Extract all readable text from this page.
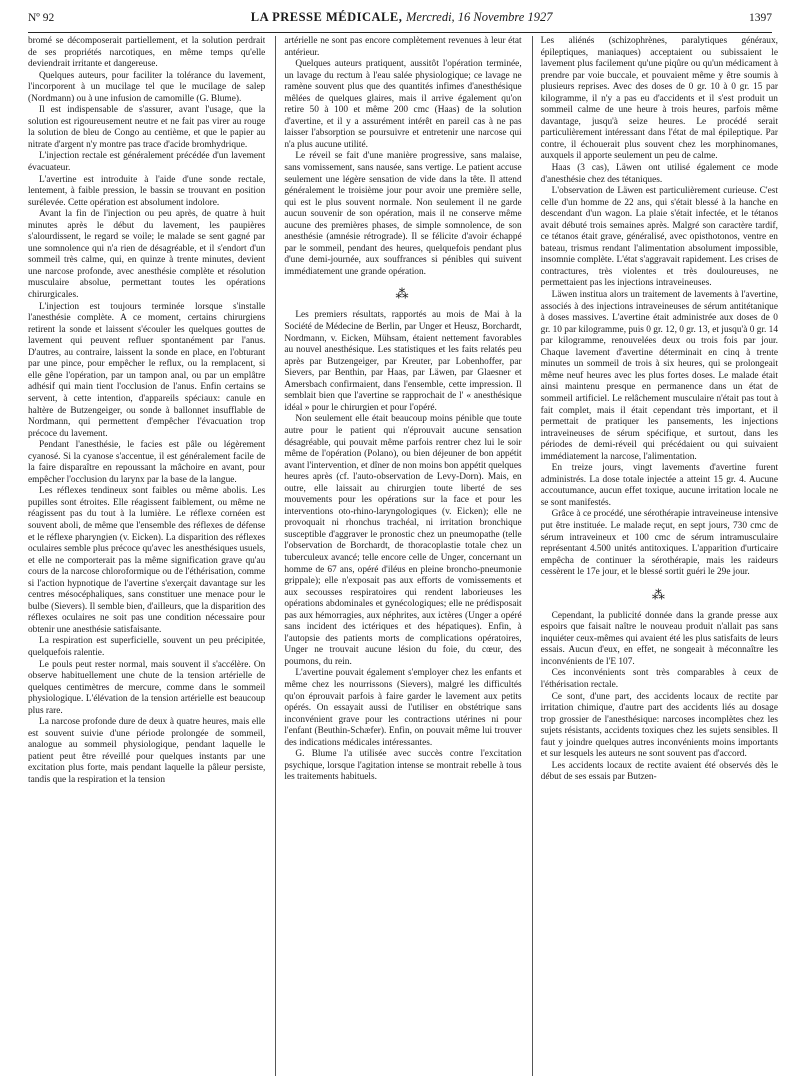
Nº 92	LA PRESSE MÉDICALE, Mercredi, 16 Novembre 1927	1397

bromé se décomposerait partiellement, et la solution perdrait de ses propriétés narcotiques, en même temps qu'elle deviendrait irritante et dangereuse.

Quelques auteurs, pour faciliter la tolérance du lavement, l'incorporent à un mucilage tel que le mucilage de salep (Nordmann) ou à une infusion de camomille (G. Blume).

Il est indispensable de s'assurer, avant l'usage, que la solution est rigoureusement neutre et ne fait pas virer au rouge la solution de bleu de Congo au centième, et que le papier au nitrate d'argent n'y montre pas trace d'acide bromhydrique.

L'injection rectale est généralement précédée d'un lavement évacuateur.

L'avertine est introduite à l'aide d'une sonde rectale, lentement, à faible pression, le bassin se trouvant en position surélevée. Cette opération est absolument indolore.

Avant la fin de l'injection ou peu après, de quatre à huit minutes après le début du lavement, les paupières s'alourdissent, le regard se voile; le malade se sent gagné par une somnolence qui n'a rien de désagréable, et il s'endort d'un sommeil très calme, qui, en quinze à trente minutes, devient une narcose profonde, avec anesthésie complète et résolution musculaire absolue, permettant toutes les opérations chirurgicales.

L'injection est toujours terminée lorsque s'installe l'anesthésie complète. A ce moment, certains chirurgiens retirent la sonde et laissent s'écouler les quelques gouttes de lavement qui peuvent refluer spontanément par l'anus. D'autres, au contraire, laissent la sonde en place, en l'obturant par une pince, pour empêcher le reflux, ou la remplacent, si elle gêne l'opération, par un tampon anal, ou par un emplâtre adhésif qui main tient l'occlusion de l'anus. Enfin certains se servent, à cette intention, d'appareils spéciaux: canule en haltère de Butzengeiger, ou sonde à ballonnet insufflable de Nordmann, qui permettent d'empêcher l'évacuation trop précoce du lavement.

Pendant l'anesthésie, le facies est pâle ou légèrement cyanosé. Si la cyanose s'accentue, il est généralement facile de la faire disparaître en repoussant la mâchoire en avant, pour empêcher l'occlusion du larynx par la base de la langue.

Les réflexes tendineux sont faibles ou même abolis. Les pupilles sont étroites. Elle réagissent faiblement, ou même ne réagissent pas du tout à la lumière. Le réflexe cornéen est souvent aboli, de même que l'ensemble des réflexes de défense et le réflexe pharyngien (v. Eicken). La disparition des réflexes oculaires semble plus précoce qu'avec les anesthésiques usuels, et elle ne comporterait pas la même signification grave qu'au cours de la narcose chloroformique ou de l'éthérisation, comme si l'action hypnotique de l'avertine s'exerçait davantage sur les centres mésocéphaliques, sans constituer une menace pour le bulbe (Sievers). Il semble bien, d'ailleurs, que la disparition des réflexes oculaires ne soit pas une condition nécessaire pour obtenir une anesthésie satisfaisante.

La respiration est superficielle, souvent un peu précipitée, quelquefois ralentie.

Le pouls peut rester normal, mais souvent il s'accélère. On observe habituellement une chute de la tension artérielle de quelques centimètres de mercure, comme dans le sommeil physiologique. L'élévation de la tension artérielle est beaucoup plus rare.

La narcose profonde dure de deux à quatre heures, mais elle est souvent suivie d'une période prolongée de sommeil, analogue au sommeil physiologique, pendant laquelle le patient peut être réveillé pour quelques instants par une excitation plus forte, mais pendant laquelle la pâleur persiste, tandis que la respiration et la tension

artérielle ne sont pas encore complètement revenues à leur état antérieur.

Quelques auteurs pratiquent, aussitôt l'opération terminée, un lavage du rectum à l'eau salée physiologique; ce lavage ne ramène souvent plus que des quantités infimes d'anesthésique mêlées de quelques glaires, mais il arrive également qu'on retire 50 à 100 et même 200 cmc (Haas) de la solution d'avertine, et il y a assurément intérêt en pareil cas à ne pas laisser l'absorption se poursuivre et entretenir une narcose qui n'a plus aucune utilité.

Le réveil se fait d'une manière progressive, sans malaise, sans vomissement, sans nausée, sans vertige. Le patient accuse seulement une légère sensation de vide dans la tête. Il attend généralement le troisième jour pour avoir une première selle, qui est le plus souvent normale. Non seulement il ne garde aucun souvenir de son opération, mais il ne conserve même aucune des premières phases, de simple somnolence, de son anesthésie (amnésie rétrograde). Il se félicite d'avoir échappé par le sommeil, pendant des heures, quelquefois pendant plus d'une demi-journée, aux souffrances si pénibles qui suivent immédiatement une grande opération.

⁂

Les premiers résultats, rapportés au mois de Mai à la Société de Médecine de Berlin, par Unger et Heusz, Borchardt, Nordmann, v. Eicken, Mühsam, étaient nettement favorables au nouvel anesthésique. Les statistiques et les faits relatés peu après par Butzengeiger, par Kreuter, par Lobenhoffer, par Sievers, par Benthin, par Haas, par Läwen, par Glaesner et Amersbach confirmaient, dans l'ensemble, cette impression. Il semblait bien que l'avertine se rapprochait de l' « anesthésique idéal » pour le chirurgien et pour l'opéré.

Non seulement elle était beaucoup moins pénible que toute autre pour le patient qui n'éprouvait aucune sensation désagréable, qui pouvait même parfois rentrer chez lui le soir même de l'opération (Polano), ou bien déjeuner de bon appétit avant l'intervention, et dîner de non moins bon appétit quelques heures après (cf. l'auto-observation de Levy-Dorn). Mais, en outre, elle laissait au chirurgien toute liberté de ses mouvements pour les opérations sur la face et pour les interventions oto-rhino-laryngologiques (v. Eicken); elle ne provoquait ni rhonchus trachéal, ni irritation bronchique susceptible d'aggraver le pronostic chez un pneumopathe (telle l'observation de Borchardt, de thoracoplastie totale chez un tuberculeux avancé; telle encore celle de Unger, concernant un homme de 67 ans, opéré d'iléus en pleine broncho-pneumonie grippale); elle n'exposait pas aux efforts de vomissements et aux secousses respiratoires qui rendent laborieuses les opérations abdominales et gynécologiques; elle ne prédisposait pas aux hémorragies, aux néphrites, aux ictères (Unger a opéré sans incident des ictériques et des hépatiques). Enfin, à l'autopsie des patients morts de complications opératoires, Unger ne trouvait aucune lésion du foie, du cœur, des poumons, du rein.

L'avertine pouvait également s'employer chez les enfants et même chez les nourrissons (Sievers), malgré les difficultés qu'on éprouvait parfois à faire garder le lavement aux petits opérés. On essayait aussi de l'utiliser en obstétrique sans inconvénient grave pour les contractions utérines ni pour l'enfant (Beuthin-Schæfer). Enfin, on pouvait même lui trouver des indications médicales intéressantes.

G. Blume l'a utilisée avec succès contre l'excitation psychique, lorsque l'agitation intense se montrait rebelle à tous les traitements habituels.

Les aliénés (schizophrènes, paralytiques généraux, épileptiques, maniaques) acceptaient ou subissaient le lavement plus facilement qu'une piqûre ou qu'un médicament à prendre par voie buccale, et pouvaient même y être soumis à plusieurs reprises. Avec des doses de 0 gr. 10 à 0 gr. 15 par kilogramme, il n'y a pas eu d'accidents et il s'est produit un sommeil calme de une heure à trois heures, parfois même davantage, jusqu'à seize heures. Le procédé serait particulièrement intéressant dans l'état de mal épileptique. Par contre, il échouerait plus souvent chez les morphinomanes, auxquels il apporte seulement un peu de calme.

Haas (3 cas), Läwen ont utilisé également ce mode d'anesthésie chez des tétaniques.

L'observation de Läwen est particulièrement curieuse. C'est celle d'un homme de 22 ans, qui s'était blessé à la hanche en descendant d'un wagon. La plaie s'était infectée, et le tétanos avait débuté trois semaines après. Malgré son caractère tardif, ce tétanos était grave, généralisé, avec opisthotonos, ventre en bateau, trismus rendant l'alimentation absolument impossible, insomnie complète. L'état s'aggravait rapidement. Les crises de contractures, très violentes et très douloureuses, ne permettaient pas les injections intraveineuses.

Läwen institua alors un traitement de lavements à l'avertine, associés à des injections intraveineuses de sérum antitétanique à doses massives. L'avertine était administrée aux doses de 0 gr. 10 par kilogramme, puis 0 gr. 12, 0 gr. 13, et jusqu'à 0 gr. 14 par kilogramme, renouvelées deux ou trois fois par jour. Chaque lavement d'avertine déterminait en cinq à trente minutes un sommeil de trois à six heures, qui se prolongeait même neuf heures avec les plus fortes doses. Le malade était ainsi maintenu presque en permanence dans un état de sommeil artificiel. Le relâchement musculaire n'était pas tout à fait complet, mais il était cependant très important, et il permettait de pratiquer les pansements, les injections intraveineuses de sérum spécifique, et surtout, dans les périodes de demi-réveil qui précédaient ou qui suivaient immédiatement la narcose, l'alimentation.

En treize jours, vingt lavements d'avertine furent administrés. La dose totale injectée a atteint 15 gr. 4. Aucune accoutumance, aucun effet toxique, aucune irritation locale ne se sont manifestés.

Grâce à ce procédé, une sérothérapie intraveineuse intensive put être instituée. Le malade reçut, en sept jours, 730 cmc de sérum intraveineux et 100 cmc de sérum intramusculaire représentant 4.500 unités antitoxiques. L'apparition d'urticaire empêcha de continuer la sérothérapie, mais les raideurs cessèrent le 17e jour, et le blessé sortit guéri le 29e jour.

⁂

Cependant, la publicité donnée dans la grande presse aux espoirs que faisait naître le nouveau produit n'allait pas sans inquiéter ceux-mêmes qui avaient été les plus satisfaits de leurs essais. Aucun d'eux, en effet, ne songeait à méconnaître les inconvénients de l'E 107.

Ces inconvénients sont très comparables à ceux de l'éthérisation rectale.

Ce sont, d'une part, des accidents locaux de rectite par irritation chimique, d'autre part des accidents liés au dosage trop grossier de l'anesthésique: narcoses incomplètes chez les sujets résistants, accidents toxiques chez les sujets sensibles. Il faut y joindre quelques autres inconvénients moins importants et sur lesquels les auteurs ne sont souvent pas d'accord.

Les accidents locaux de rectite avaient été observés dès le début de ses essais par Butzen-
